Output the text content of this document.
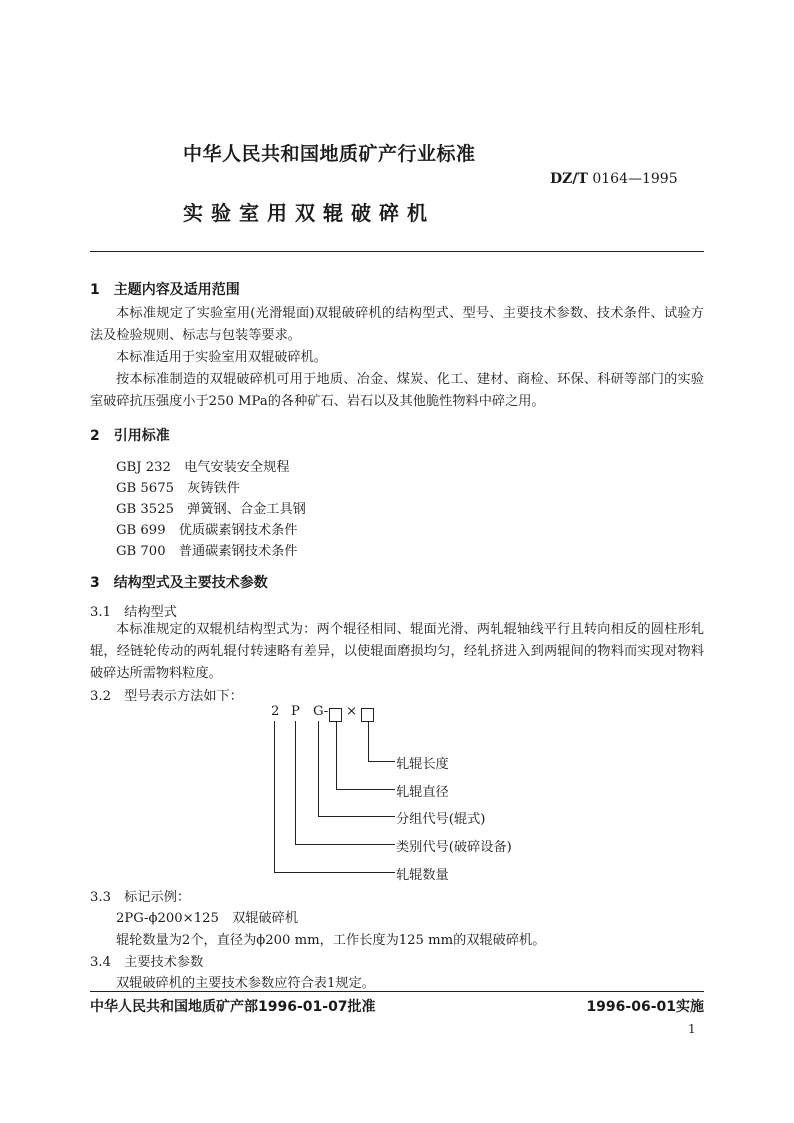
中华人民共和国地质矿产行业标准
DZ/T 0164—1995
实验室用双辊破碎机
1　主题内容及适用范围
本标准规定了实验室用(光滑辊面)双辊破碎机的结构型式、型号、主要技术参数、技术条件、试验方法及检验规则、标志与包装等要求。
本标准适用于实验室用双辊破碎机。
按本标准制造的双辊破碎机可用于地质、冶金、煤炭、化工、建材、商检、环保、科研等部门的实验室破碎抗压强度小于250 MPa的各种矿石、岩石以及其他脆性物料中碎之用。
2　引用标准
GBJ 232　 电气安装安全规程
GB 5675　 灰铸铁件
GB 3525　 弹簧钢、合金工具钢
GB 699　 优质碳素钢技术条件
GB 700　 普通碳素钢技术条件
3　结构型式及主要技术参数
3.1　结构型式
本标准规定的双辊机结构型式为：两个辊径相同、辊面光滑、两轧辊轴线平行且转向相反的圆柱形轧辊，经链轮传动的两轧辊付转速略有差异，以使辊面磨损均匀，经轧挤进入到两辊间的物料而实现对物料破碎达所需物料粒度。
3.2　型号表示方法如下：
2 P G- ×
轧辊长度
轧辊直径
分组代号(辊式)
类别代号(破碎设备)
轧辊数量
3.3　标记示例：
2PG-ϕ200×125　双辊破碎机
辊轮数量为2个，直径为ϕ200 mm，工作长度为125 mm的双辊破碎机。
3.4　主要技术参数
双辊破碎机的主要技术参数应符合表1规定。
中华人民共和国地质矿产部1996-01-07批准	1996-06-01实施
1
